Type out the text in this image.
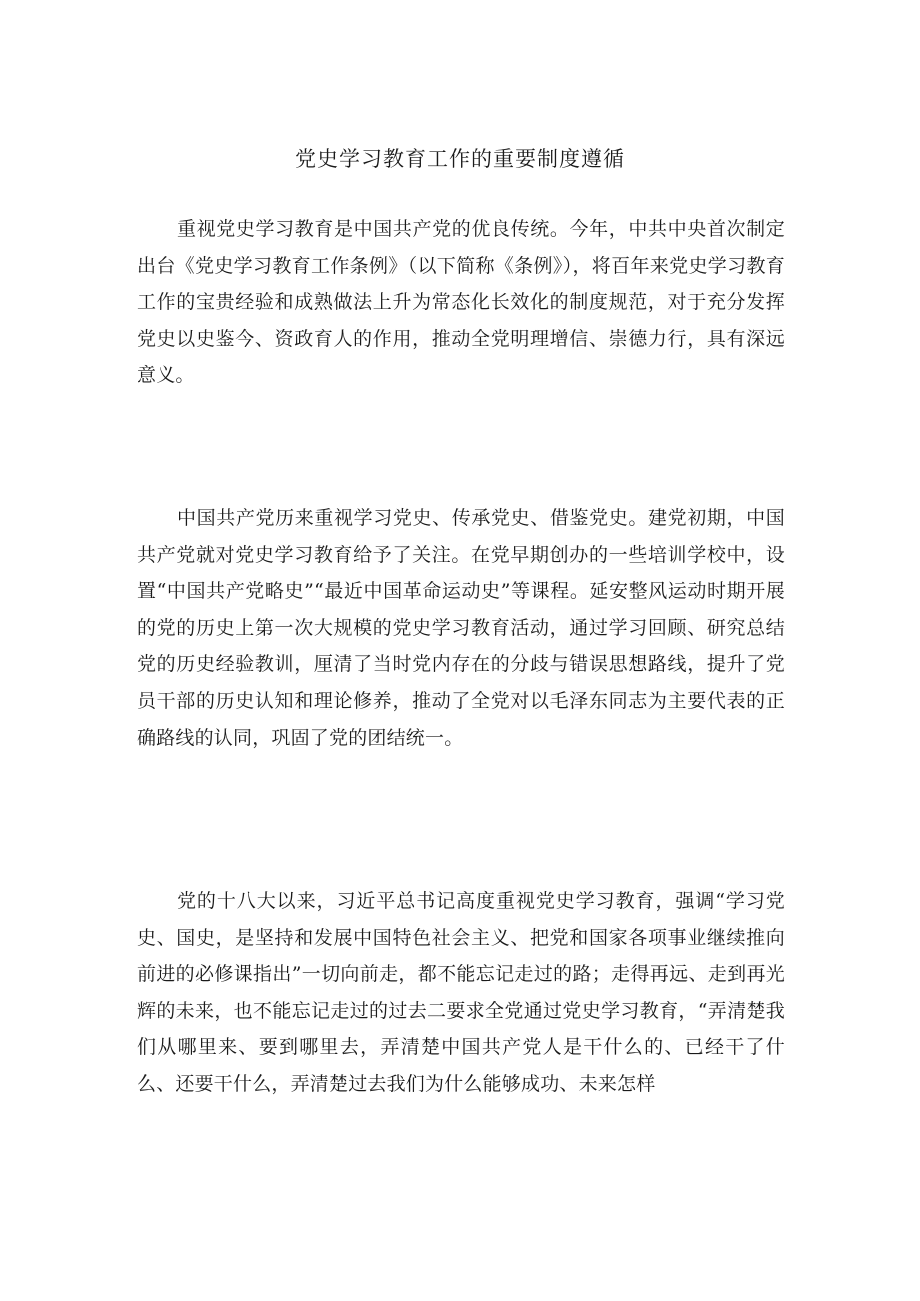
党史学习教育工作的重要制度遵循

重视党史学习教育是中国共产党的优良传统。今年，中共中央首次制定出台《党史学习教育工作条例》（以下简称《条例》），将百年来党史学习教育工作的宝贵经验和成熟做法上升为常态化长效化的制度规范，对于充分发挥党史以史鉴今、资政育人的作用，推动全党明理增信、崇德力行，具有深远意义。

中国共产党历来重视学习党史、传承党史、借鉴党史。建党初期，中国共产党就对党史学习教育给予了关注。在党早期创办的一些培训学校中，设置“中国共产党略史”“最近中国革命运动史”等课程。延安整风运动时期开展的党的历史上第一次大规模的党史学习教育活动，通过学习回顾、研究总结党的历史经验教训，厘清了当时党内存在的分歧与错误思想路线，提升了党员干部的历史认知和理论修养，推动了全党对以毛泽东同志为主要代表的正确路线的认同，巩固了党的团结统一。

党的十八大以来，习近平总书记高度重视党史学习教育，强调“学习党史、国史，是坚持和发展中国特色社会主义、把党和国家各项事业继续推向前进的必修课指出”一切向前走，都不能忘记走过的路；走得再远、走到再光辉的未来，也不能忘记走过的过去二要求全党通过党史学习教育，“弄清楚我们从哪里来、要到哪里去，弄清楚中国共产党人是干什么的、已经干了什么、还要干什么，弄清楚过去我们为什么能够成功、未来怎样
